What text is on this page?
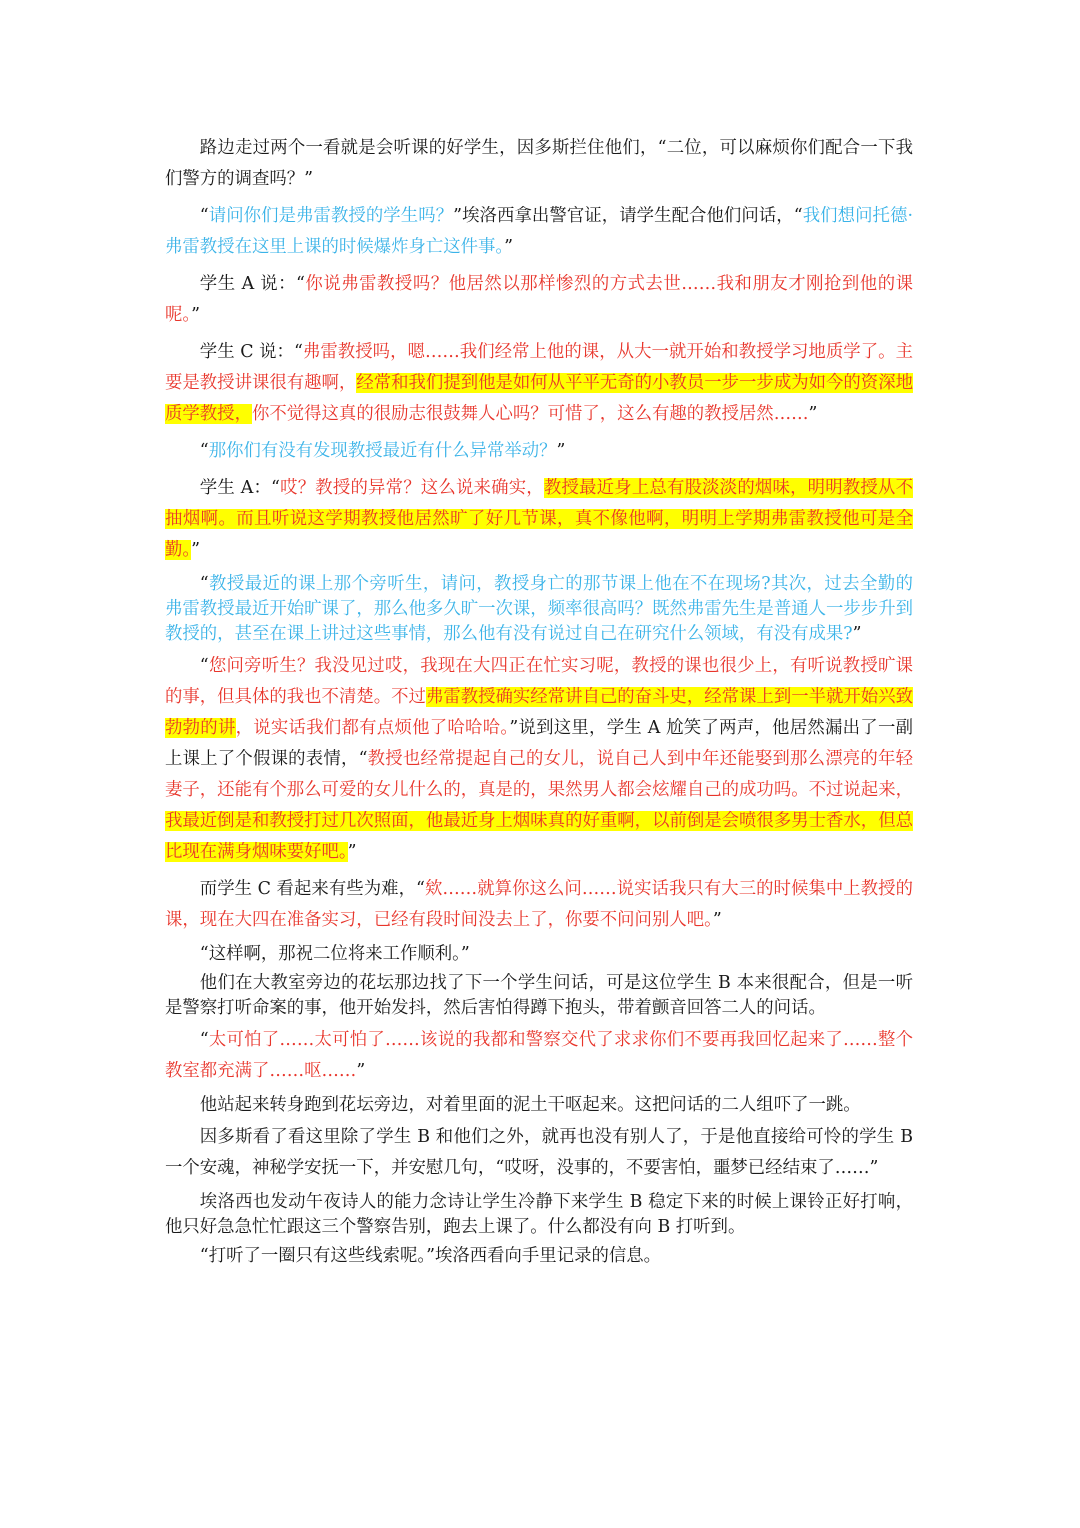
路边走过两个一看就是会听课的好学生，因多斯拦住他们，“二位，可以麻烦你们配合一下我们警方的调查吗？”

“请问你们是弗雷教授的学生吗？”埃洛西拿出警官证，请学生配合他们问话，“我们想问托德·弗雷教授在这里上课的时候爆炸身亡这件事。”

学生 A 说：“你说弗雷教授吗？他居然以那样惨烈的方式去世……我和朋友才刚抢到他的课呢。”

学生 C 说：“弗雷教授吗，嗯……我们经常上他的课，从大一就开始和教授学习地质学了。主要是教授讲课很有趣啊，经常和我们提到他是如何从平平无奇的小教员一步一步成为如今的资深地质学教授，你不觉得这真的很励志很鼓舞人心吗？可惜了，这么有趣的教授居然……”

“那你们有没有发现教授最近有什么异常举动？”

学生 A：“哎？教授的异常？这么说来确实，教授最近身上总有股淡淡的烟味，明明教授从不抽烟啊。而且听说这学期教授他居然旷了好几节课，真不像他啊，明明上学期弗雷教授他可是全勤。”

“教授最近的课上那个旁听生，请问，教授身亡的那节课上他在不在现场?其次，过去全勤的弗雷教授最近开始旷课了，那么他多久旷一次课，频率很高吗？既然弗雷先生是普通人一步步升到教授的，甚至在课上讲过这些事情，那么他有没有说过自己在研究什么领域，有没有成果?”

“您问旁听生？我没见过哎，我现在大四正在忙实习呢，教授的课也很少上，有听说教授旷课的事，但具体的我也不清楚。不过弗雷教授确实经常讲自己的奋斗史，经常课上到一半就开始兴致勃勃的讲，说实话我们都有点烦他了哈哈哈。”说到这里，学生 A 尬笑了两声，他居然漏出了一副上课上了个假课的表情，“教授也经常提起自己的女儿，说自己人到中年还能娶到那么漂亮的年轻妻子，还能有个那么可爱的女儿什么的，真是的，果然男人都会炫耀自己的成功吗。不过说起来，我最近倒是和教授打过几次照面，他最近身上烟味真的好重啊，以前倒是会喷很多男士香水，但总比现在满身烟味要好吧。”

而学生 C 看起来有些为难，“欸……就算你这么问……说实话我只有大三的时候集中上教授的课，现在大四在准备实习，已经有段时间没去上了，你要不问问别人吧。”

“这样啊，那祝二位将来工作顺利。”

他们在大教室旁边的花坛那边找了下一个学生问话，可是这位学生 B 本来很配合，但是一听是警察打听命案的事，他开始发抖，然后害怕得蹲下抱头，带着颤音回答二人的问话。

“太可怕了……太可怕了……该说的我都和警察交代了求求你们不要再我回忆起来了……整个教室都充满了……呕……”

他站起来转身跑到花坛旁边，对着里面的泥土干呕起来。这把问话的二人组吓了一跳。

因多斯看了看这里除了学生 B 和他们之外，就再也没有别人了，于是他直接给可怜的学生 B 一个安魂，神秘学安抚一下，并安慰几句，“哎呀，没事的，不要害怕，噩梦已经结束了……”

埃洛西也发动午夜诗人的能力念诗让学生冷静下来学生 B 稳定下来的时候上课铃正好打响，他只好急急忙忙跟这三个警察告别，跑去上课了。什么都没有向 B 打听到。

“打听了一圈只有这些线索呢。”埃洛西看向手里记录的信息。
